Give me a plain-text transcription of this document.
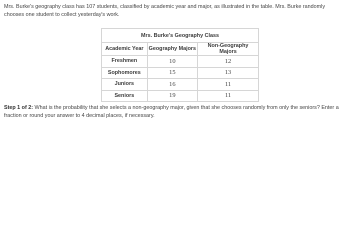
Mrs. Burke's geography class has 107 students, classified by academic year and major, as illustrated in the table. Mrs. Burke randomly chooses one student to collect yesterday's work.

Mrs. Burke's Geography Class		
Academic Year	Geography Majors	Non-Geography Majors
Freshmen	10	12
Sophomores	15	13
Juniors	16	11
Seniors	19	11

Step 1 of 2: What is the probability that she selects a non-geography major, given that she chooses randomly from only the seniors? Enter a fraction or round your answer to 4 decimal places, if necessary.
